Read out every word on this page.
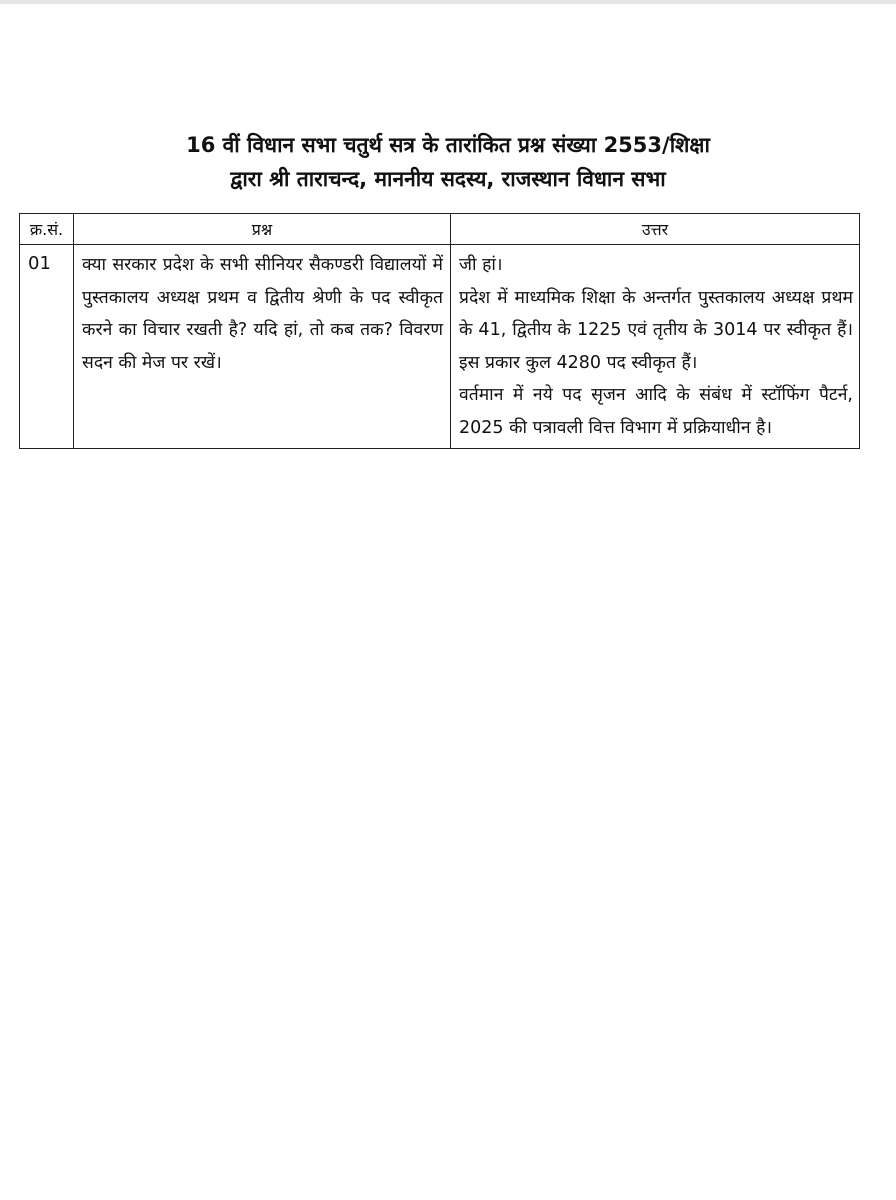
16 वीं विधान सभा चतुर्थ सत्र के तारांकित प्रश्न संख्या 2553/शिक्षा
द्वारा श्री ताराचन्द, माननीय सदस्य, राजस्थान विधान सभा
क्र.सं.	प्रश्न	उत्तर
01	क्या सरकार प्रदेश के सभी सीनियर सैकण्डरी विद्यालयों में पुस्तकालय अध्यक्ष प्रथम व द्वितीय श्रेणी के पद स्वीकृत करने का विचार रखती है? यदि हां, तो कब तक? विवरण सदन की मेज पर रखें।	जी हां।

प्रदेश में माध्यमिक शिक्षा के अन्तर्गत पुस्तकालय अध्यक्ष प्रथम के 41, द्वितीय के 1225 एवं तृतीय के 3014 पर स्वीकृत हैं। इस प्रकार कुल 4280 पद स्वीकृत हैं।

वर्तमान में नये पद सृजन आदि के संबंध में स्टॉफिंग पैटर्न, 2025 की पत्रावली वित्त विभाग में प्रक्रियाधीन है।
